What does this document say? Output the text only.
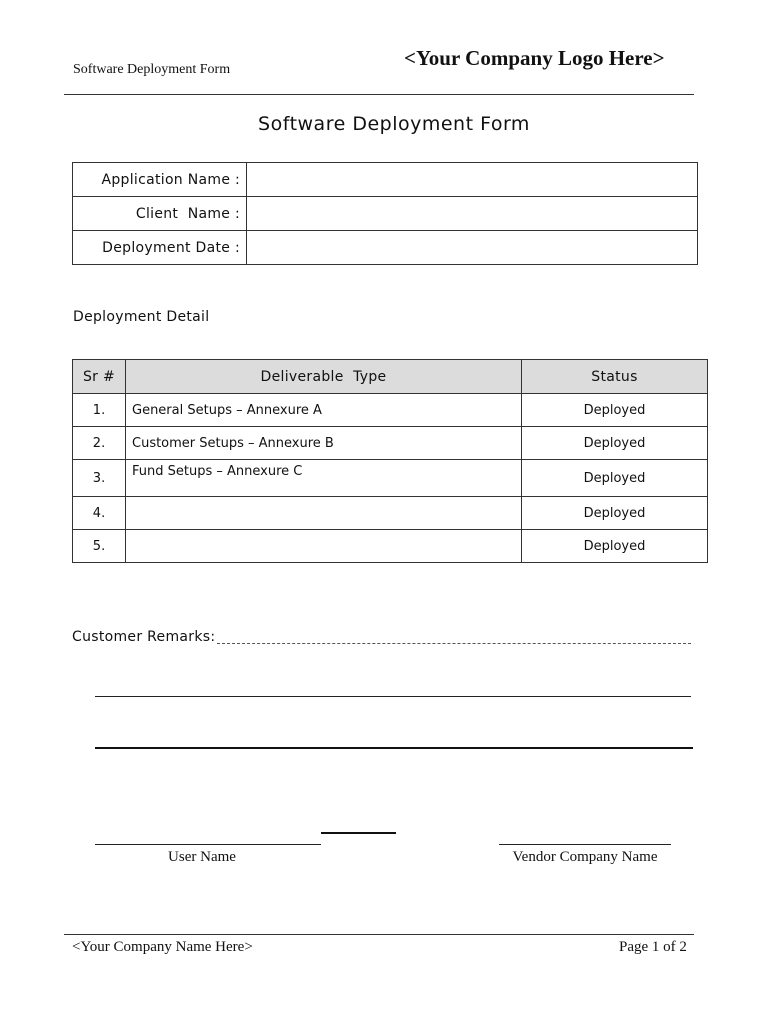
Software Deployment Form	<Your Company Logo Here>
Software Deployment Form
Application Name :	
Client  Name :	
Deployment Date :	
Deployment Detail
Sr #	Deliverable  Type	Status
1.	General Setups – Annexure A	Deployed
2.	Customer Setups – Annexure B	Deployed
3.	Fund Setups – Annexure C	Deployed
4.		Deployed
5.		Deployed
Customer Remarks:
User Name	Vendor Company Name
<Your Company Name Here>	Page 1 of 2
